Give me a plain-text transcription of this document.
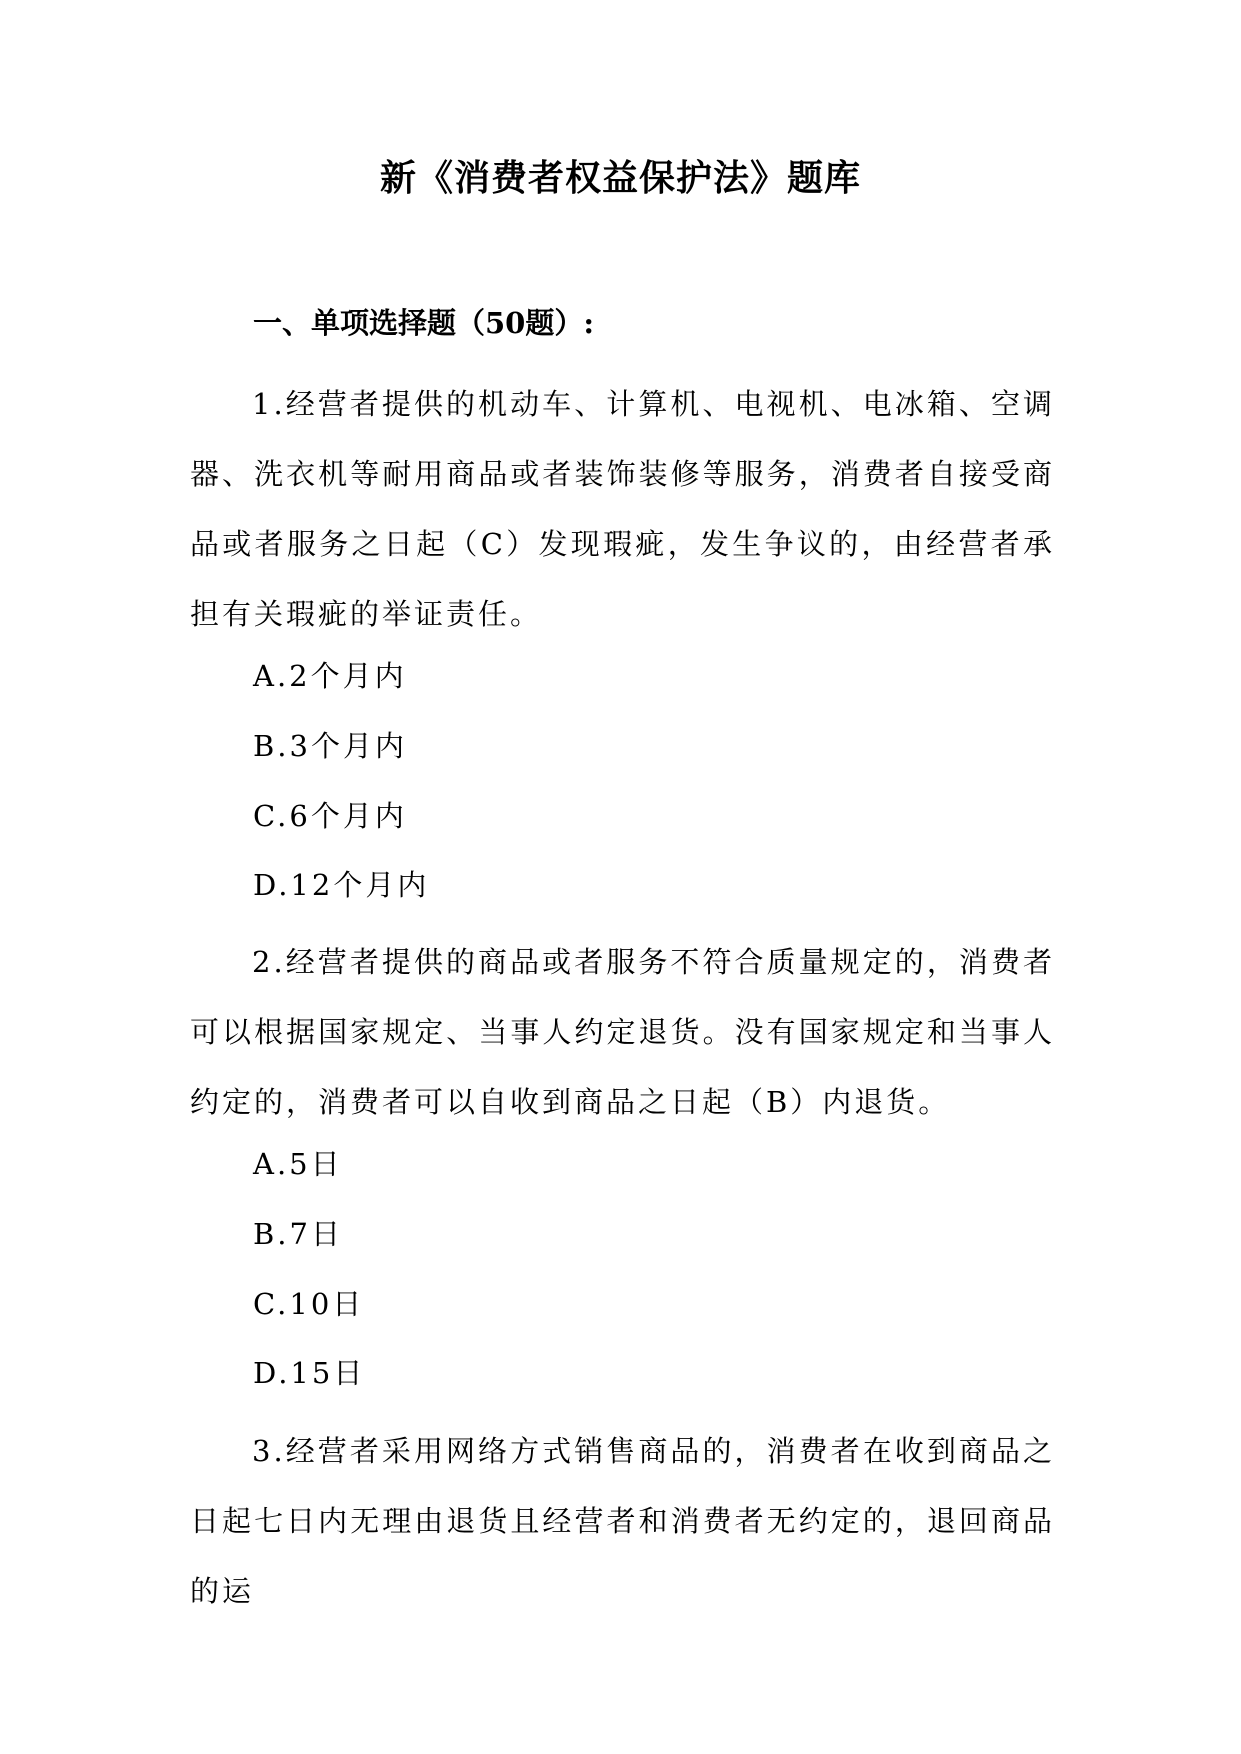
新《消费者权益保护法》题库
一、单项选择题（50题）:
1.经营者提供的机动车、计算机、电视机、电冰箱、空调器、洗衣机等耐用商品或者装饰装修等服务，消费者自接受商品或者服务之日起（C）发现瑕疵，发生争议的，由经营者承担有关瑕疵的举证责任。
A.2个月内
B.3个月内
C.6个月内
D.12个月内
2.经营者提供的商品或者服务不符合质量规定的，消费者可以根据国家规定、当事人约定退货。没有国家规定和当事人约定的，消费者可以自收到商品之日起（B）内退货。
A.5日
B.7日
C.10日
D.15日
3.经营者采用网络方式销售商品的，消费者在收到商品之日起七日内无理由退货且经营者和消费者无约定的，退回商品的运
